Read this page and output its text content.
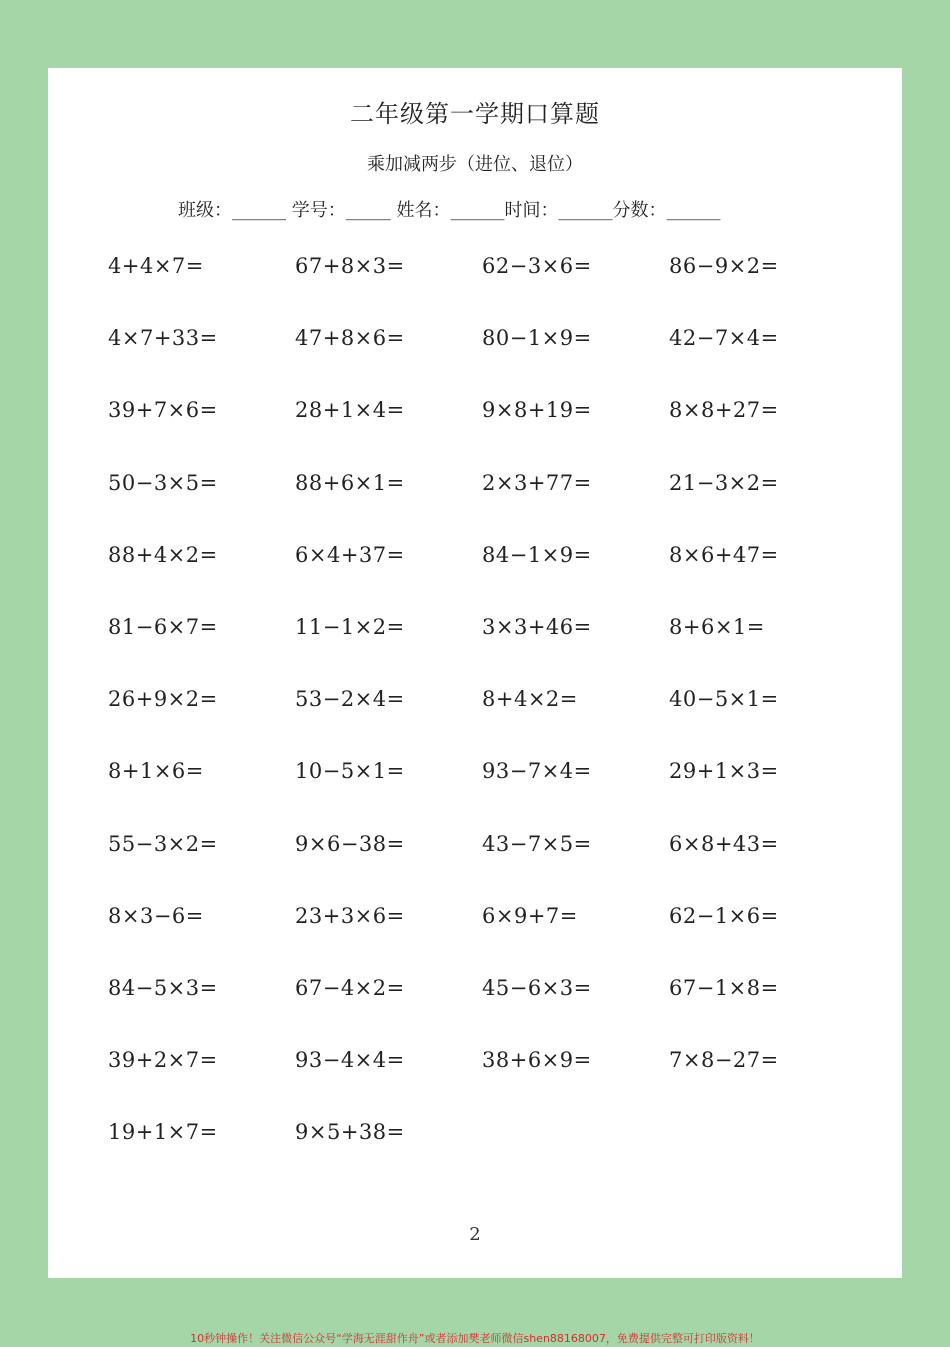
二年级第一学期口算题
乘加减两步（进位、退位）
班级：______ 学号：_____ 姓名：______时间：______分数：______
4+4×7=	67+8×3=	62−3×6=	86−9×2=
4×7+33=	47+8×6=	80−1×9=	42−7×4=
39+7×6=	28+1×4=	9×8+19=	8×8+27=
50−3×5=	88+6×1=	2×3+77=	21−3×2=
88+4×2=	6×4+37=	84−1×9=	8×6+47=
81−6×7=	11−1×2=	3×3+46=	8+6×1=
26+9×2=	53−2×4=	8+4×2=	40−5×1=
8+1×6=	10−5×1=	93−7×4=	29+1×3=
55−3×2=	9×6−38=	43−7×5=	6×8+43=
8×3−6=	23+3×6=	6×9+7=	62−1×6=
84−5×3=	67−4×2=	45−6×3=	67−1×8=
39+2×7=	93−4×4=	38+6×9=	7×8−27=
19+1×7=	9×5+38=
2
10秒钟操作！关注微信公众号“学海无涯甜作舟”或者添加樊老师微信shen88168007，免费提供完整可打印版资料！
